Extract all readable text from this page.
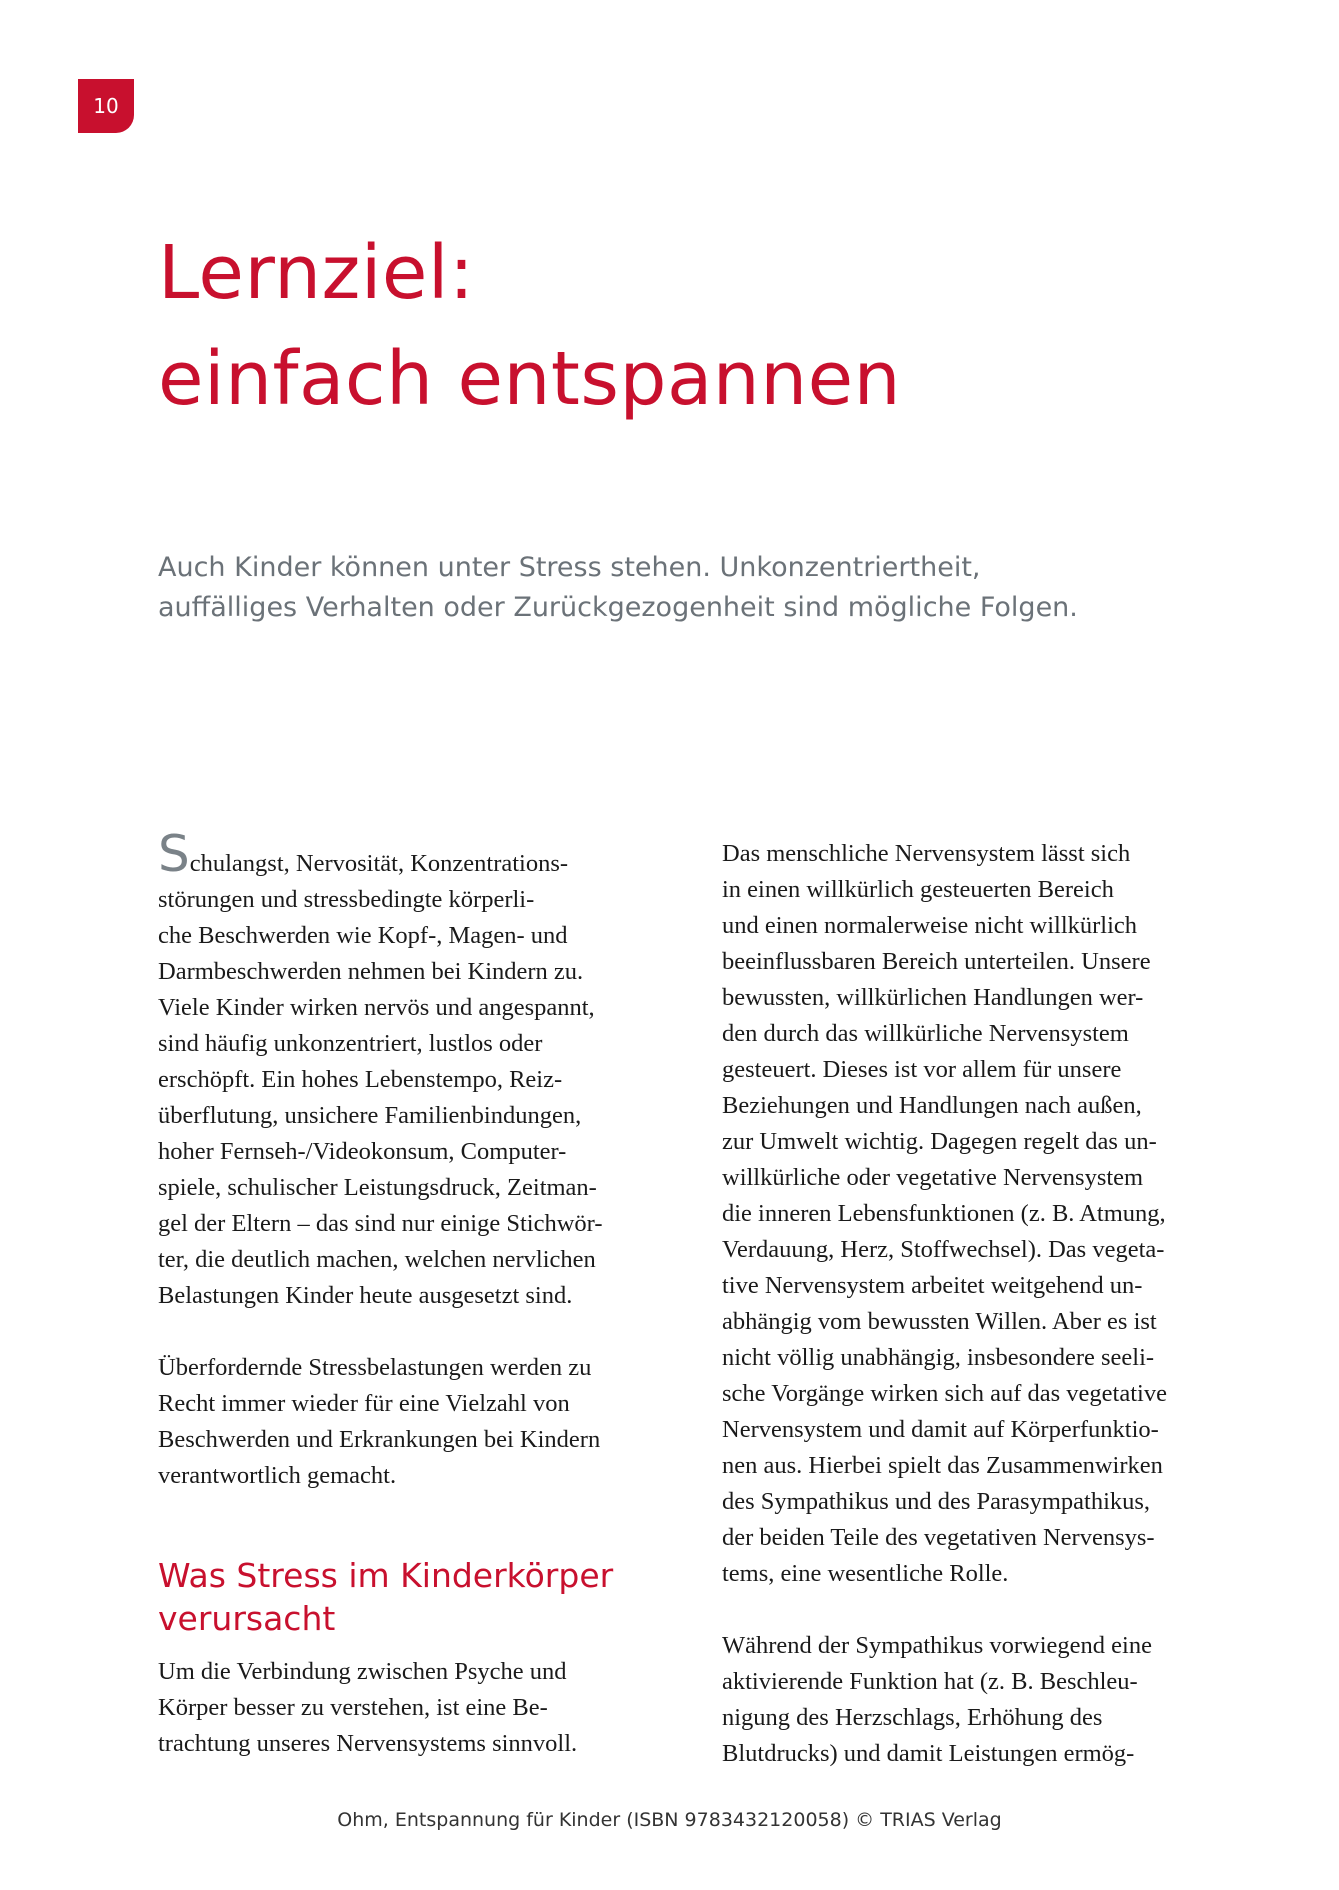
10
Lernziel:
einfach entspannen

Auch Kinder können unter Stress stehen. Unkonzentriertheit,
auffälliges Verhalten oder Zurückgezogenheit sind mögliche Folgen.

Schulangst, Nervosität, Konzentrations-
störungen und stressbedingte körperli-
che Beschwerden wie Kopf-, Magen- und
Darmbeschwerden nehmen bei Kindern zu.
Viele Kinder wirken nervös und angespannt,
sind häufig unkonzentriert, lustlos oder
erschöpft. Ein hohes Lebenstempo, Reiz-
überflutung, unsichere Familienbindungen,
hoher Fernseh-/Videokonsum, Computer-
spiele, schulischer Leistungsdruck, Zeitman-
gel der Eltern – das sind nur einige Stichwör-
ter, die deutlich machen, welchen nervlichen
Belastungen Kinder heute ausgesetzt sind.

Überfordernde Stressbelastungen werden zu
Recht immer wieder für eine Vielzahl von
Beschwerden und Erkrankungen bei Kindern
verantwortlich gemacht.

Was Stress im Kinderkörper
verursacht

Um die Verbindung zwischen Psyche und
Körper besser zu verstehen, ist eine Be-
trachtung unseres Nervensystems sinnvoll.

Das menschliche Nervensystem lässt sich
in einen willkürlich gesteuerten Bereich
und einen normalerweise nicht willkürlich
beeinflussbaren Bereich unterteilen. Unsere
bewussten, willkürlichen Handlungen wer-
den durch das willkürliche Nervensystem
gesteuert. Dieses ist vor allem für unsere
Beziehungen und Handlungen nach außen,
zur Umwelt wichtig. Dagegen regelt das un-
willkürliche oder vegetative Nervensystem
die inneren Lebensfunktionen (z. B. Atmung,
Verdauung, Herz, Stoffwechsel). Das vegeta-
tive Nervensystem arbeitet weitgehend un-
abhängig vom bewussten Willen. Aber es ist
nicht völlig unabhängig, insbesondere seeli-
sche Vorgänge wirken sich auf das vegetative
Nervensystem und damit auf Körperfunktio-
nen aus. Hierbei spielt das Zusammenwirken
des Sympathikus und des Parasympathikus,
der beiden Teile des vegetativen Nervensys-
tems, eine wesentliche Rolle.

Während der Sympathikus vorwiegend eine
aktivierende Funktion hat (z. B. Beschleu-
nigung des Herzschlags, Erhöhung des
Blutdrucks) und damit Leistungen ermög-

Ohm, Entspannung für Kinder (ISBN 9783432120058) © TRIAS Verlag
